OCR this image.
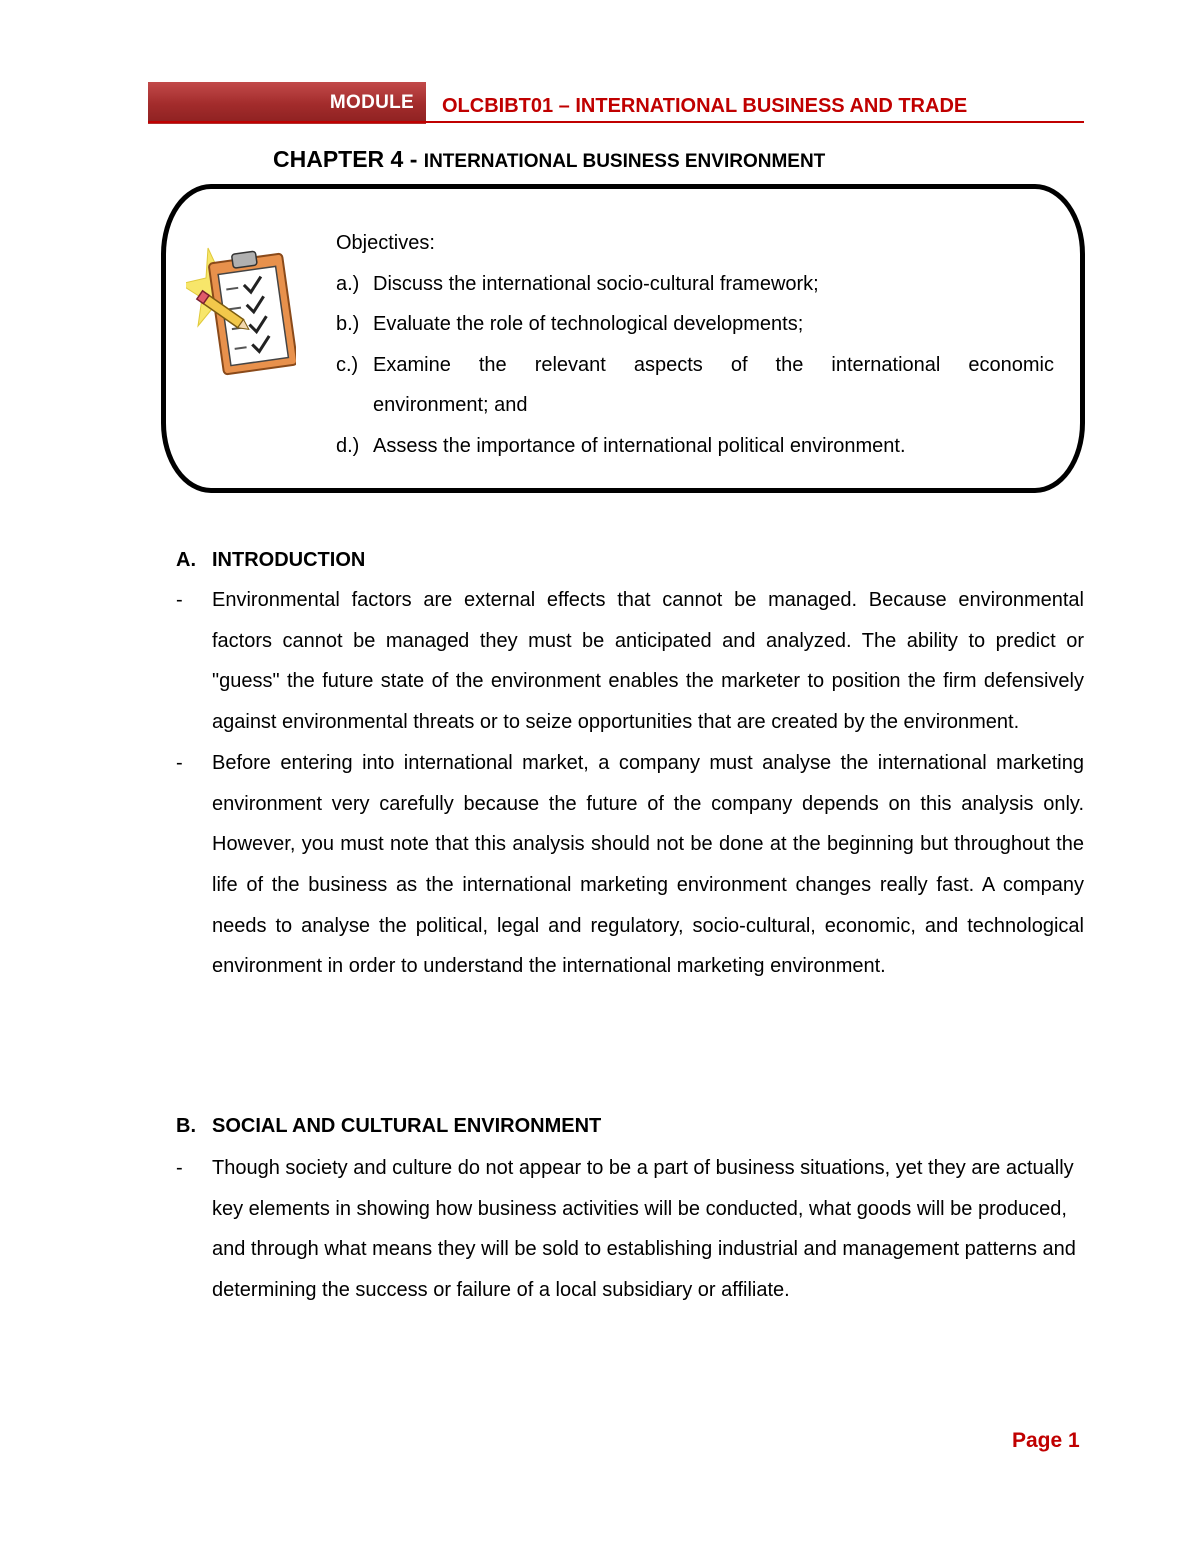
MODULE OLCBIBT01 – INTERNATIONAL BUSINESS AND TRADE
CHAPTER 4 - INTERNATIONAL BUSINESS ENVIRONMENT
Objectives:
a.) Discuss the international socio-cultural framework;
b.) Evaluate the role of technological developments;
c.) Examine the relevant aspects of the international economic
environment; and
d.) Assess the importance of international political environment.
A. INTRODUCTION
-	Environmental factors are external effects that cannot be managed. Because environmental factors cannot be managed they must be anticipated and analyzed. The ability to predict or "guess" the future state of the environment enables the marketer to position the firm defensively against environmental threats or to seize opportunities that are created by the environment.
-	Before entering into international market, a company must analyse the international marketing environment very carefully because the future of the company depends on this analysis only. However, you must note that this analysis should not be done at the beginning but throughout the life of the business as the international marketing environment changes really fast. A company needs to analyse the political, legal and regulatory, socio-cultural, economic, and technological environment in order to understand the international marketing environment.
B. SOCIAL AND CULTURAL ENVIRONMENT
-	Though society and culture do not appear to be a part of business situations, yet they are actually key elements in showing how business activities will be conducted, what goods will be produced, and through what means they will be sold to establishing industrial and management patterns and determining the success or failure of a local subsidiary or affiliate.
Page 1
